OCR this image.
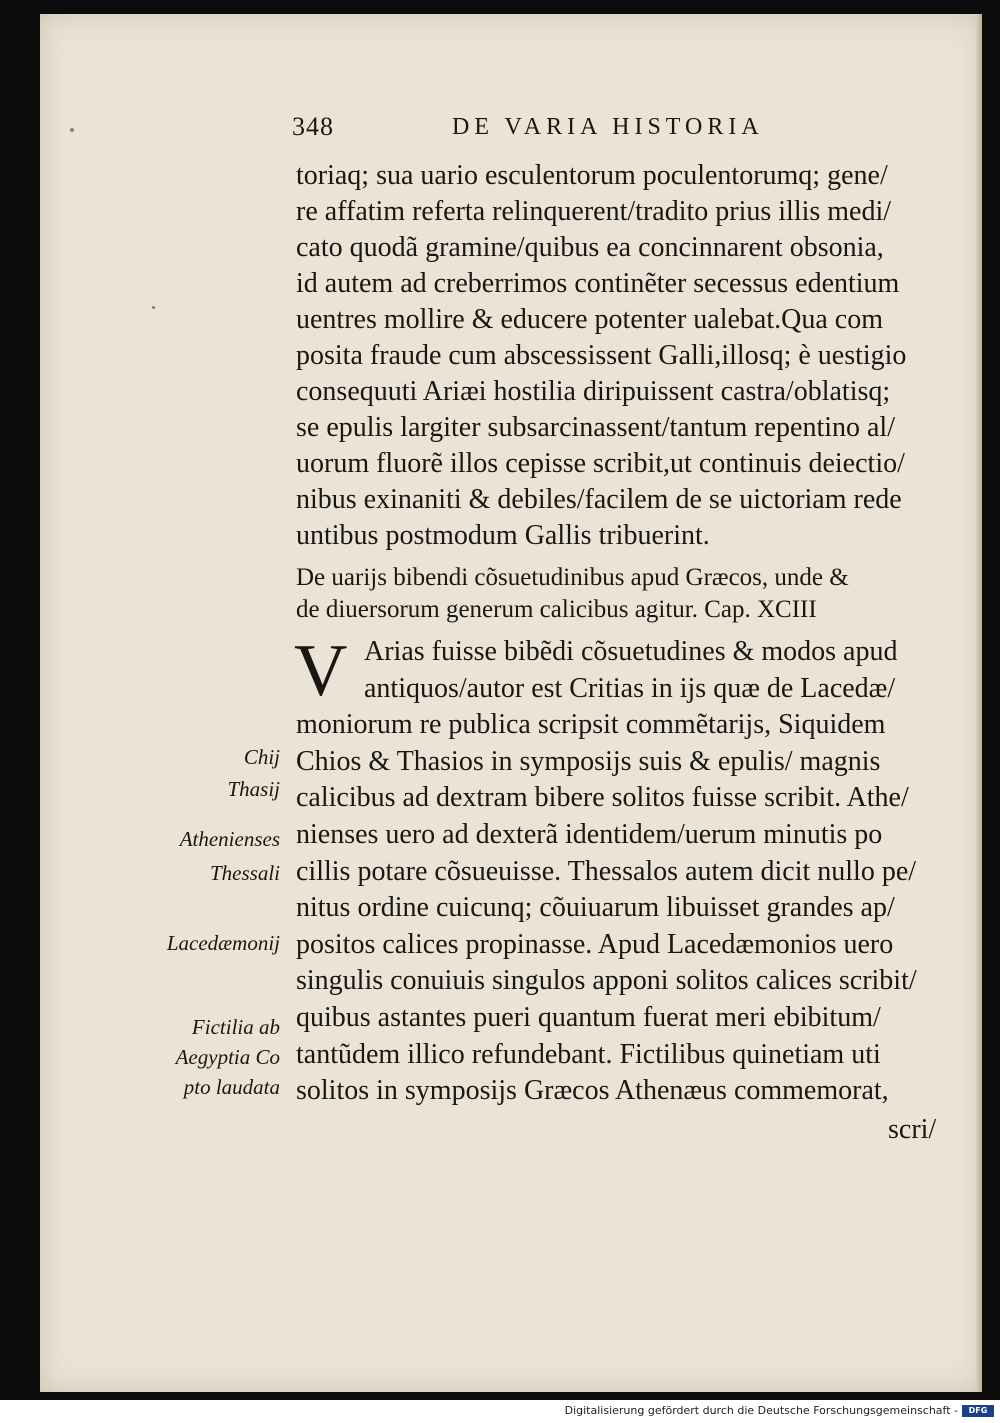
348	DE VARIA HISTORIA
toriaq; sua uario esculentorum poculentorumq; gene/
re affatim referta relinquerent/tradito prius illis medi/
cato quodã gramine/quibus ea concinnarent obsonia,
id autem ad creberrimos continẽter secessus edentium
uentres mollire & educere potenter ualebat.Qua com
posita fraude cum abscessissent Galli,illosq; è uestigio
consequuti Ariæi hostilia diripuissent castra/oblatisq;
se epulis largiter subsarcinassent/tantum repentino al/
uorum fluorẽ illos cepisse scribit,ut continuis deiectio/
nibus exinaniti & debiles/facilem de se uictoriam rede
untibus postmodum Gallis tribuerint.
De uarijs bibendi cõsuetudinibus apud Græcos, unde &
de diuersorum generum calicibus agitur. Cap. XCIII
V Arias fuisse bibẽdi cõsuetudines & modos apud
antiquos/autor est Critias in ijs quæ de Lacedæ/
moniorum re publica scripsit commẽtarijs, Siquidem
Chios & Thasios in symposijs suis & epulis/ magnis
calicibus ad dextram bibere solitos fuisse scribit. Athe/
nienses uero ad dexterã identidem/uerum minutis po
cillis potare cõsueuisse. Thessalos autem dicit nullo pe/
nitus ordine cuicunq; cõuiuarum libuisset grandes ap/
positos calices propinasse. Apud Lacedæmonios uero
singulis conuiuis singulos apponi solitos calices scribit/
quibus astantes pueri quantum fuerat meri ebibitum/
tantũdem illico refundebant. Fictilibus quinetiam uti
solitos in symposijs Græcos Athenæus commemorat,
scri/
Chij
Thasij
Athenienses
Thessali
Lacedæmonij
Fictilia ab
Aegyptia Co
pto laudata
Digitalisierung gefördert durch die Deutsche Forschungsgemeinschaft -	DFG
